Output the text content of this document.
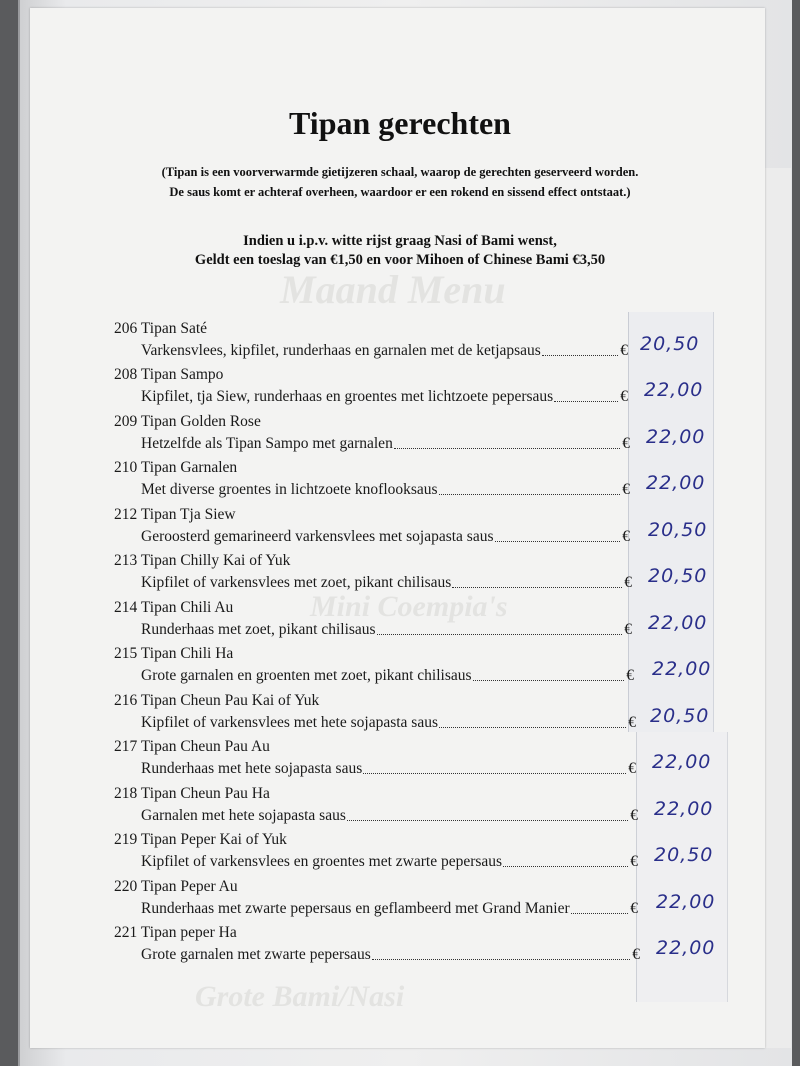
Maand Menu
Mini Coempia's
Grote Bami/Nasi
Tipan gerechten
(Tipan is een voorverwarmde gietijzeren schaal, waarop de gerechten geserveerd worden.
De saus komt er achteraf overheen, waardoor er een rokend en sissend effect ontstaat.)
Indien u i.p.v. witte rijst graag Nasi of Bami wenst,
Geldt een toeslag van €1,50 en voor Mihoen of Chinese Bami €3,50
206 Tipan Saté
Varkensvlees, kipfilet, runderhaas en garnalen met de ketjapsaus	€ 20,50
208 Tipan Sampo
Kipfilet, tja Siew, runderhaas en groentes met lichtzoete pepersaus	€ 22,00
209 Tipan Golden Rose
Hetzelfde als Tipan Sampo met garnalen	€ 22,00
210 Tipan Garnalen
Met diverse groentes in lichtzoete knoflooksaus	€ 22,00
212 Tipan Tja Siew
Geroosterd gemarineerd varkensvlees met sojapasta saus	€ 20,50
213 Tipan Chilly Kai of Yuk
Kipfilet of varkensvlees met zoet, pikant chilisaus	€ 20,50
214 Tipan Chili Au
Runderhaas met zoet, pikant chilisaus	€ 22,00
215 Tipan Chili Ha
Grote garnalen en groenten met zoet, pikant chilisaus	€ 22,00
216 Tipan Cheun Pau Kai of Yuk
Kipfilet of varkensvlees met hete sojapasta saus	€ 20,50
217 Tipan Cheun Pau Au
Runderhaas met hete sojapasta saus	€ 22,00
218 Tipan Cheun Pau Ha
Garnalen met hete sojapasta saus	€ 22,00
219 Tipan Peper Kai of Yuk
Kipfilet of varkensvlees en groentes met zwarte pepersaus	€ 20,50
220 Tipan Peper Au
Runderhaas met zwarte pepersaus en geflambeerd met Grand Manier	€ 22,00
221 Tipan peper Ha
Grote garnalen met zwarte pepersaus	€ 22,00
